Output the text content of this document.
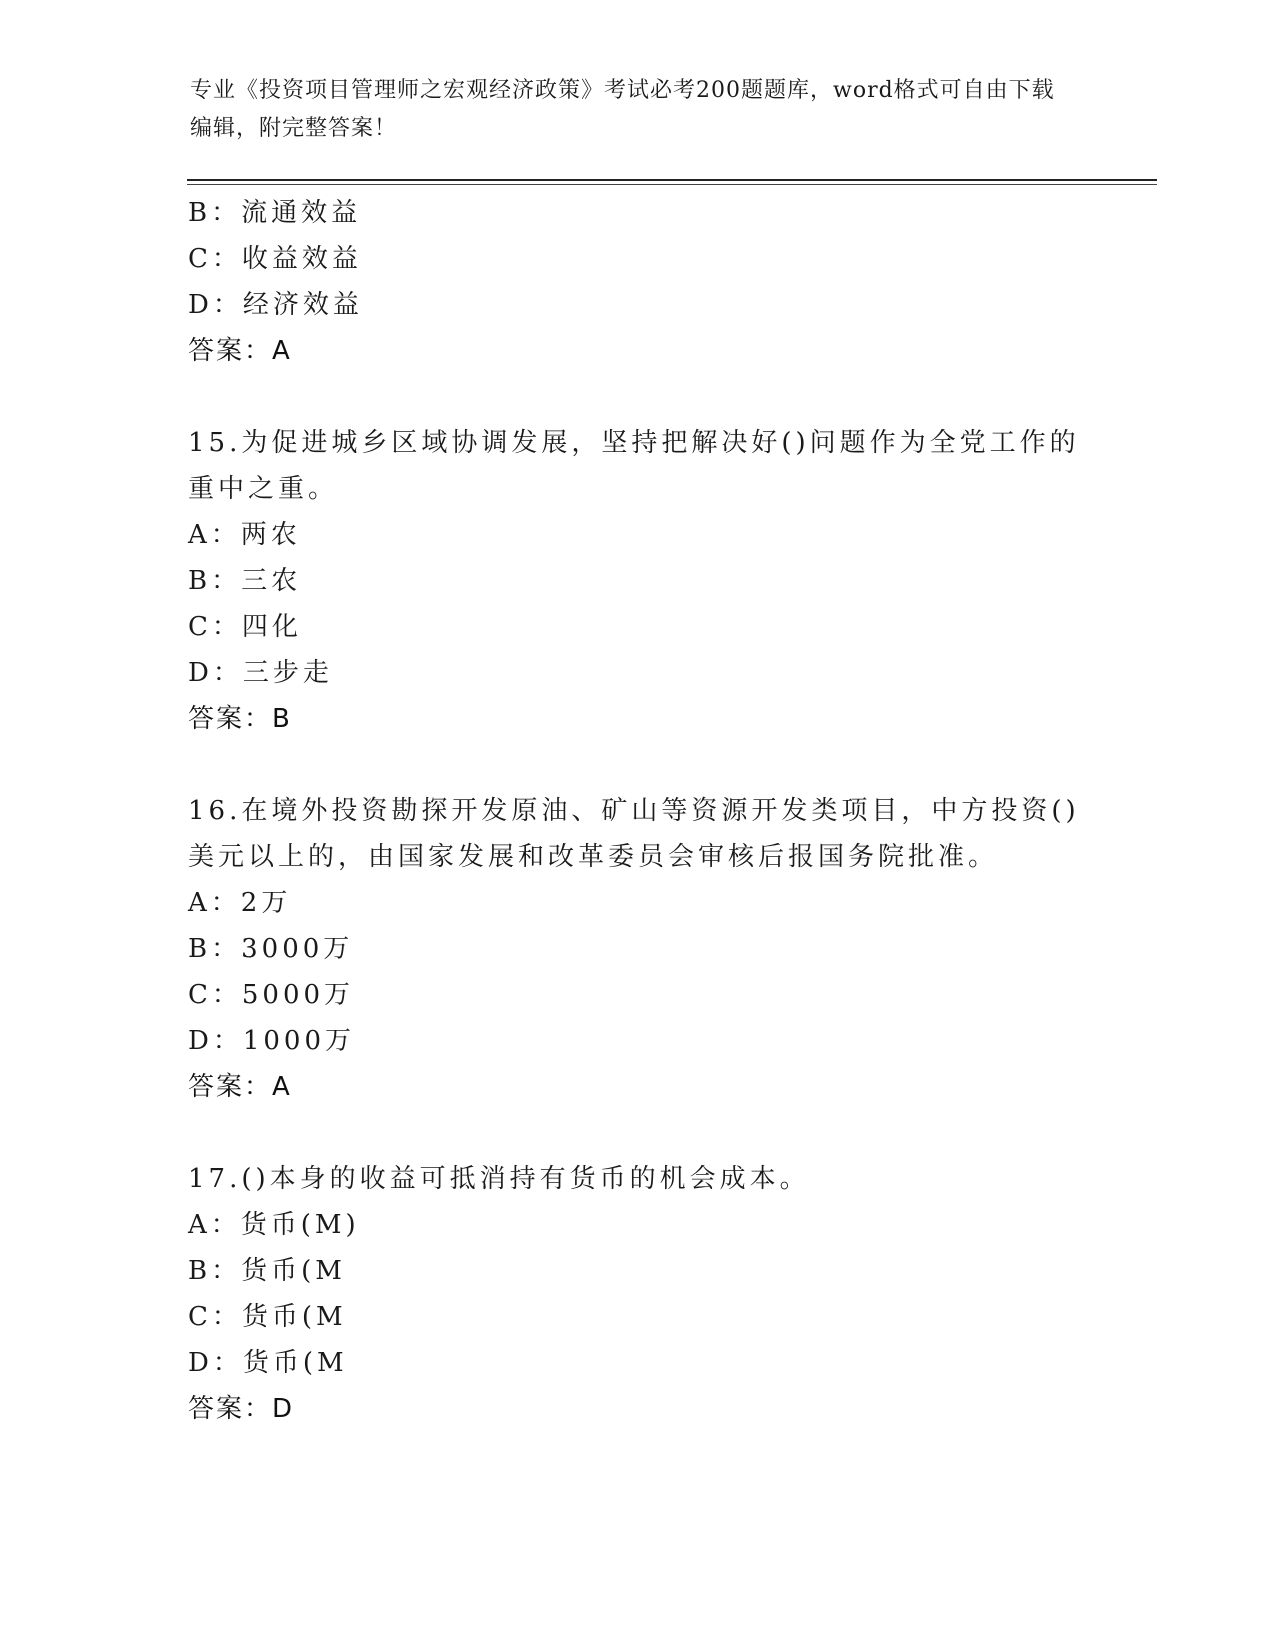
专业《投资项目管理师之宏观经济政策》考试必考200题题库，word格式可自由下载编辑，附完整答案！
B：流通效益
C：收益效益
D：经济效益
答案：A
15.为促进城乡区域协调发展，坚持把解决好()问题作为全党工作的重中之重。
A：两农
B：三农
C：四化
D：三步走
答案：B
16.在境外投资勘探开发原油、矿山等资源开发类项目，中方投资()美元以上的，由国家发展和改革委员会审核后报国务院批准。
A：2万
B：3000万
C：5000万
D：1000万
答案：A
17.()本身的收益可抵消持有货币的机会成本。
A：货币(M)
B：货币(M
C：货币(M
D：货币(M
答案：D
